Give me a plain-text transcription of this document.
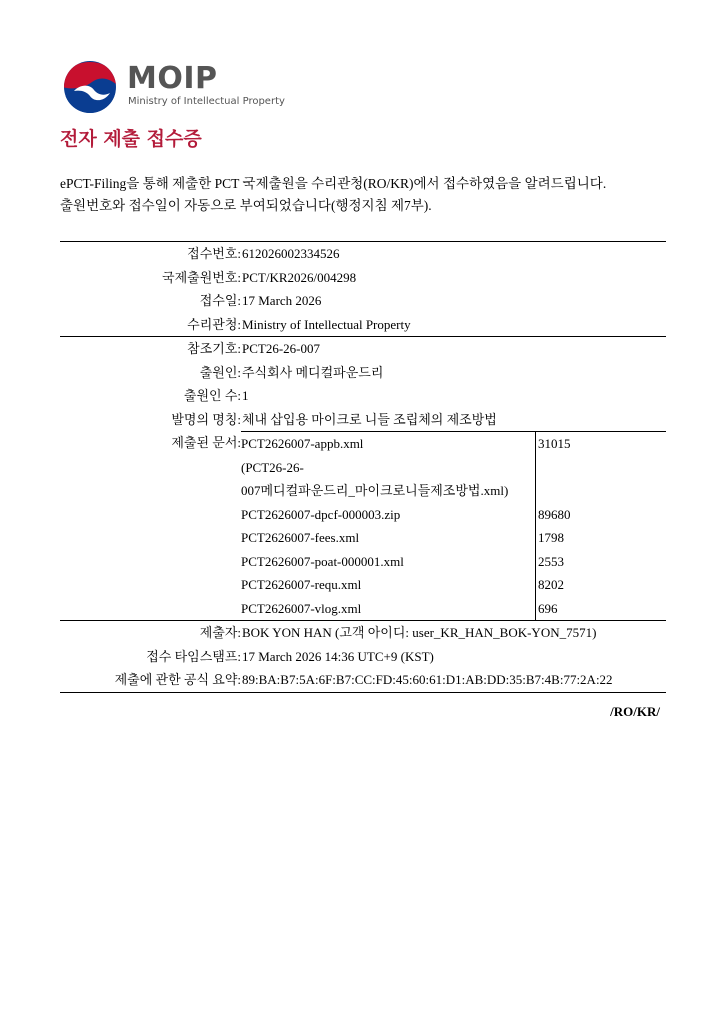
MOIP
Ministry of Intellectual Property
전자 제출 접수증
ePCT-Filing을 통해 제출한 PCT 국제출원을 수리관청(RO/KR)에서 접수하였음을 알려드립니다.
출원번호와 접수일이 자동으로 부여되었습니다(행정지침 제7부).
접수번호:	612026002334526
국제출원번호:	PCT/KR2026/004298
접수일:	17 March 2026
수리관청:	Ministry of Intellectual Property
참조기호:	PCT26-26-007
출원인:	주식회사 메디컬파운드리
출원인 수:	1
발명의 명칭:	체내 삽입용 마이크로 니들 조립체의 제조방법
제출된 문서:	PCT2626007-appb.xml
(PCT26-26-
007메디컬파운드리_마이크로니들제조방법.xml)
	31015
PCT2626007-dpcf-000003.zip	89680
PCT2626007-fees.xml	1798
PCT2626007-poat-000001.xml	2553
PCT2626007-requ.xml	8202
PCT2626007-vlog.xml	696

제출자:	BOK YON HAN (고객 아이디: user_KR_HAN_BOK-YON_7571)
접수 타임스탬프:	17 March 2026 14:36 UTC+9 (KST)
제출에 관한 공식 요약:	89:BA:B7:5A:6F:B7:CC:FD:45:60:61:D1:AB:DD:35:B7:4B:77:2A:22
/RO/KR/
